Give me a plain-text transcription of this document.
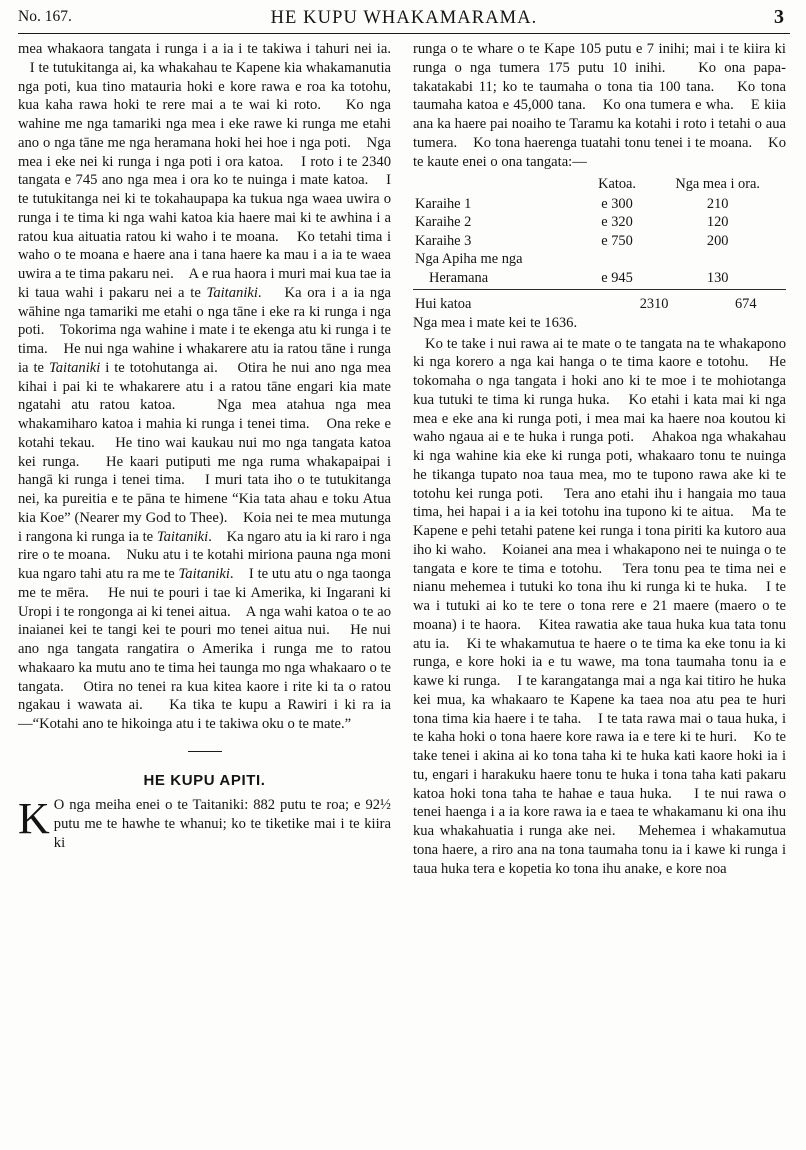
No. 167.	HE KUPU WHAKAMARAMA.	3

mea whakaora tangata i runga i a ia i te takiwa i tahuri nei ia.    I te tutukitanga ai, ka whakahau te Kapene kia whakamanutia nga poti, kua tino matauria hoki e kore rawa e roa ka totohu, kua kaha rawa hoki te rere mai a te wai ki roto.    Ko nga wahine me nga tamariki nga mea i eke rawe ki runga me etahi ano o nga tāne me nga heramana hoki hei hoe i nga poti.    Nga mea i eke nei ki runga i nga poti i ora katoa.    I roto i te 2340 tangata e 745 ano nga mea i ora ko te nuinga i mate katoa.    I te tutukitanga nei ki te tokahaupapa ka tukua nga waea uwira o runga i te tima ki nga wahi katoa kia haere mai ki te awhina i a ratou kua aituatia ratou ki waho i te moana.    Ko tetahi tima i waho o te moana e haere ana i tana haere ka mau i a ia te waea uwira a te tima pakaru nei.    A e rua haora i muri mai kua tae ia ki taua wahi i pakaru nei a te Taitaniki.    Ka ora i a ia nga wāhine nga tamariki me etahi o nga tāne i eke ra ki runga i nga poti.    Tokorima nga wahine i mate i te ekenga atu ki runga i te tima.    He nui nga wahine i whakarere atu ia ratou tāne i runga ia te Taitaniki i te totohutanga ai.    Otira he nui ano nga mea kihai i pai ki te whakarere atu i a ratou tāne engari kia mate ngatahi atu ratou katoa.    Nga mea atahua nga mea whakamiharo katoa i mahia ki runga i tenei tima.    Ona reke e kotahi tekau.    He tino wai kaukau nui mo nga tangata katoa kei runga.    He kaari putiputi me nga ruma whakapaipai i hangā ki runga i tenei tima.    I muri tata iho o te tutukitanga nei, ka pureitia e te pāna te himene “Kia tata ahau e toku Atua kia Koe” (Nearer my God to Thee).    Koia nei te mea mutunga i rangona ki runga ia te Taitaniki.    Ka ngaro atu ia ki raro i nga rire o te moana.    Nuku atu i te kotahi miriona pauna nga moni kua ngaro tahi atu ra me te Taitaniki.    I te utu atu o nga taonga me te mēra.    He nui te pouri i tae ki Amerika, ki Ingarani ki Uropi i te rongonga ai ki tenei aitua.    A nga wahi katoa o te ao inaianei kei te tangi kei te pouri mo tenei aitua nui.    He nui ano nga tangata rangatira o Amerika i runga me to ratou whakaaro ka mutu ano te tima hei taunga mo nga whakaaro o te tangata.    Otira no tenei ra kua kitea kaore i rite ki ta o ratou ngakau i wawata ai.    Ka tika te kupu a Rawiri i ki ra ia—“Kotahi ano te hikoinga atu i te takiwa oku o te mate.”

HE KUPU APITI.

K O nga meiha enei o te Taitaniki: 882 putu te roa; e 92½ putu me te hawhe te whanui; ko te tiketike mai i te kiira ki

runga o te whare o te Kape 105 putu e 7 inihi; mai i te kiira ki runga o nga tumera 175 putu 10 inihi.    Ko ona papa-takatakabi 11; ko te taumaha o tona tia 100 tana.    Ko tona taumaha katoa e 45,000 tana.    Ko ona tumera e wha.    E kiia ana ka haere pai noaiho te Taramu ka kotahi i roto i tetahi o aua tumera.    Ko tona haerenga tuatahi tonu tenei i te moana.    Ko te kaute enei o ona tangata:—

	Katoa.	Nga mea i ora.
Karaihe 1	e 300	210
Karaihe 2	e 320	120
Karaihe 3	e 750	200
Nga Apiha me nga		
Heramana	e 945	130
Hui katoa	2310	674

Nga mea i mate kei te 1636.

Ko te take i nui rawa ai te mate o te tangata na te whakapono ki nga korero a nga kai hanga o te tima kaore e totohu.    He tokomaha o nga tangata i hoki ano ki te moe i te mohiotanga kua tutuki te tima ki runga huka.    Ko etahi i kata mai ki nga mea e eke ana ki runga poti, i mea mai ka haere noa koutou ki waho ngaua ai e te huka i runga poti.    Ahakoa nga whakahau ki nga wahine kia eke ki runga poti, whakaaro tonu te nuinga he tikanga tupato noa taua mea, mo te tupono rawa ake ki te totohu kei runga poti.    Tera ano etahi ihu i hangaia mo taua tima, hei hapai i a ia kei totohu ina tupono ki te aitua.    Ma te Kapene e pehi tetahi patene kei runga i tona piriti ka kutoro aua iho ki waho.    Koianei ana mea i whakapono nei te nuinga o te tangata e kore te tima e totohu.    Tera tonu pea te tima nei e nianu mehemea i tutuki ko tona ihu ki runga ki te huka.    I te wa i tutuki ai ko te tere o tona rere e 21 maere (maero o te moana) i te haora.    Kitea rawatia ake taua huka kua tata tonu atu ia.    Ki te whakamutua te haere o te tima ka eke tonu ia ki runga, e kore hoki ia e tu wawe, ma tona taumaha tonu ia e kawe ki runga.    I te karangatanga mai a nga kai titiro he huka kei mua, ka whakaaro te Kapene ka taea noa atu pea te huri tona tima kia haere i te taha.    I te tata rawa mai o taua huka, i te kaha hoki o tona haere kore rawa ia e tere ki te huri.    Ko te take tenei i akina ai ko tona taha ki te huka kati kaore hoki ia i tu, engari i harakuku haere tonu te huka i tona taha kati pakaru katoa hoki tona taha te hahae e taua huka.    I te nui rawa o tenei haenga i a ia kore rawa ia e taea te whakamanu ki ona ihu kua whakahuatia i runga ake nei.    Mehemea i whakamutua tona haere, a riro ana na tona taumaha tonu ia i kawe ki runga i taua huka tera e kopetia ko tona ihu anake, e kore noa
